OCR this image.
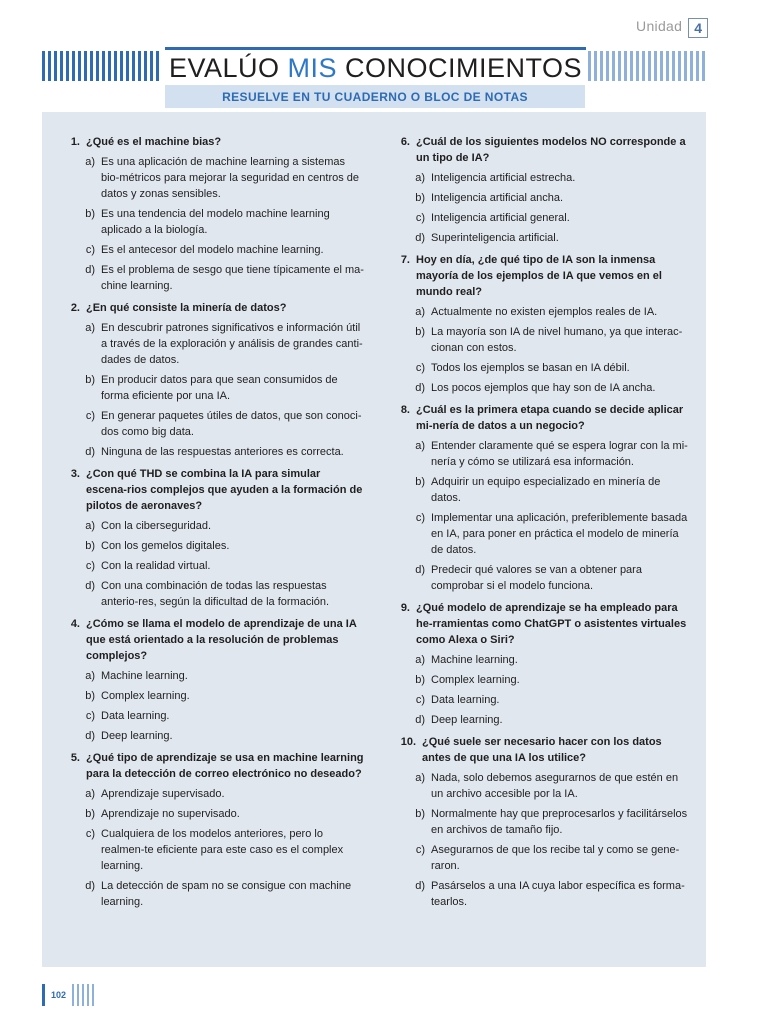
Unidad 4
EVALÚO MIS CONOCIMIENTOS
RESUELVE EN TU CUADERNO O BLOC DE NOTAS
1. ¿Qué es el machine bias?
a) Es una aplicación de machine learning a sistemas bio-métricos para mejorar la seguridad en centros de datos y zonas sensibles.
b) Es una tendencia del modelo machine learning aplicado a la biología.
c) Es el antecesor del modelo machine learning.
d) Es el problema de sesgo que tiene típicamente el ma-chine learning.
2. ¿En qué consiste la minería de datos?
a) En descubrir patrones significativos e información útil a través de la exploración y análisis de grandes canti-dades de datos.
b) En producir datos para que sean consumidos de forma eficiente por una IA.
c) En generar paquetes útiles de datos, que son conoci-dos como big data.
d) Ninguna de las respuestas anteriores es correcta.
3. ¿Con qué THD se combina la IA para simular escena-rios complejos que ayuden a la formación de pilotos de aeronaves?
a) Con la ciberseguridad.
b) Con los gemelos digitales.
c) Con la realidad virtual.
d) Con una combinación de todas las respuestas anterio-res, según la dificultad de la formación.
4. ¿Cómo se llama el modelo de aprendizaje de una IA que está orientado a la resolución de problemas complejos?
a) Machine learning.
b) Complex learning.
c) Data learning.
d) Deep learning.
5. ¿Qué tipo de aprendizaje se usa en machine learning para la detección de correo electrónico no deseado?
a) Aprendizaje supervisado.
b) Aprendizaje no supervisado.
c) Cualquiera de los modelos anteriores, pero lo realmen-te eficiente para este caso es el complex learning.
d) La detección de spam no se consigue con machine learning.
6. ¿Cuál de los siguientes modelos NO corresponde a un tipo de IA?
a) Inteligencia artificial estrecha.
b) Inteligencia artificial ancha.
c) Inteligencia artificial general.
d) Superinteligencia artificial.
7. Hoy en día, ¿de qué tipo de IA son la inmensa mayoría de los ejemplos de IA que vemos en el mundo real?
a) Actualmente no existen ejemplos reales de IA.
b) La mayoría son IA de nivel humano, ya que interac-cionan con estos.
c) Todos los ejemplos se basan en IA débil.
d) Los pocos ejemplos que hay son de IA ancha.
8. ¿Cuál es la primera etapa cuando se decide aplicar mi-nería de datos a un negocio?
a) Entender claramente qué se espera lograr con la mi-nería y cómo se utilizará esa información.
b) Adquirir un equipo especializado en minería de datos.
c) Implementar una aplicación, preferiblemente basada en IA, para poner en práctica el modelo de minería de datos.
d) Predecir qué valores se van a obtener para comprobar si el modelo funciona.
9. ¿Qué modelo de aprendizaje se ha empleado para he-rramientas como ChatGPT o asistentes virtuales como Alexa o Siri?
a) Machine learning.
b) Complex learning.
c) Data learning.
d) Deep learning.
10. ¿Qué suele ser necesario hacer con los datos antes de que una IA los utilice?
a) Nada, solo debemos asegurarnos de que estén en un archivo accesible por la IA.
b) Normalmente hay que preprocesarlos y facilitárselos en archivos de tamaño fijo.
c) Asegurarnos de que los recibe tal y como se gene-raron.
d) Pasárselos a una IA cuya labor específica es forma-tearlos.
102
